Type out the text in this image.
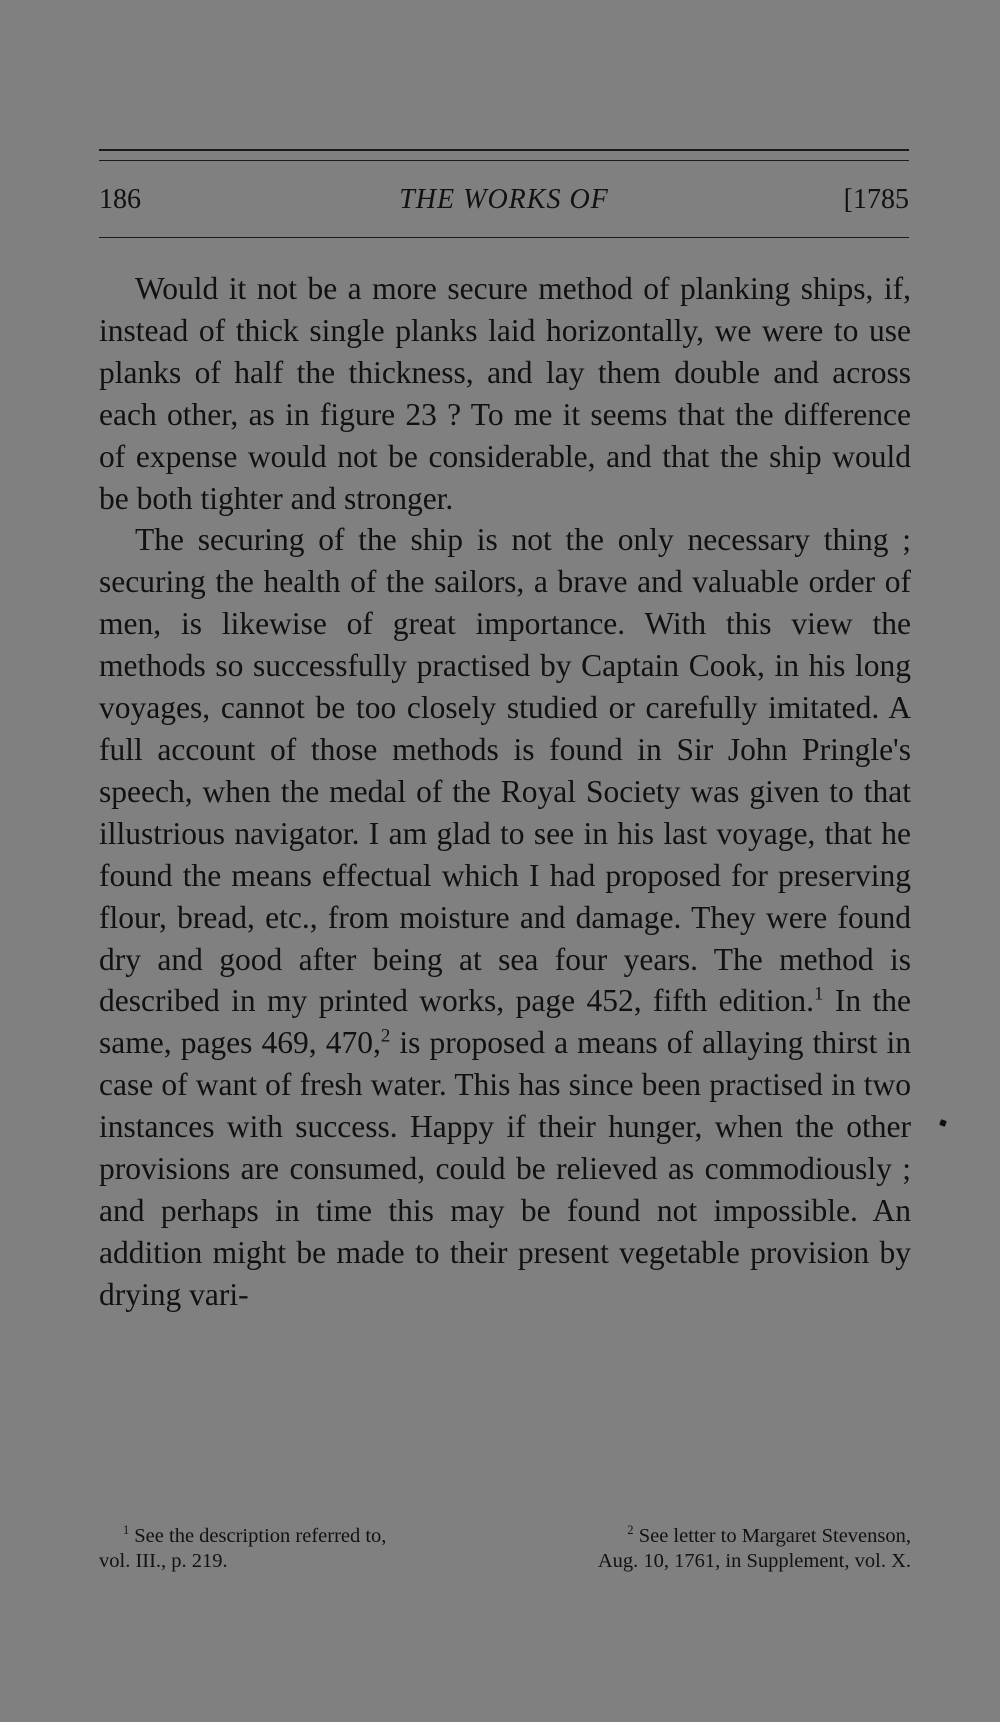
186	THE WORKS OF	[1785

Would it not be a more secure method of planking ships, if, instead of thick single planks laid horizontally, we were to use planks of half the thickness, and lay them double and across each other, as in figure 23 ? To me it seems that the difference of expense would not be considerable, and that the ship would be both tighter and stronger.

The securing of the ship is not the only necessary thing ; securing the health of the sailors, a brave and valuable order of men, is likewise of great importance. With this view the methods so successfully practised by Captain Cook, in his long voyages, cannot be too closely studied or carefully imitated. A full account of those methods is found in Sir John Pringle's speech, when the medal of the Royal Society was given to that illustrious navigator. I am glad to see in his last voyage, that he found the means effectual which I had proposed for preserving flour, bread, etc., from moisture and damage. They were found dry and good after being at sea four years. The method is described in my printed works, page 452, fifth edition.$^1$ In the same, pages 469, 470,$^2$ is proposed a means of allaying thirst in case of want of fresh water. This has since been practised in two instances with success. Happy if their hunger, when the other provisions are consumed, could be relieved as commodiously ; and perhaps in time this may be found not impossible. An addition might be made to their present vegetable provision by drying vari-

$^1$ See the description referred to,
vol. III., p. 219.
$^2$ See letter to Margaret Stevenson,
Aug. 10, 1761, in Supplement, vol. X.
